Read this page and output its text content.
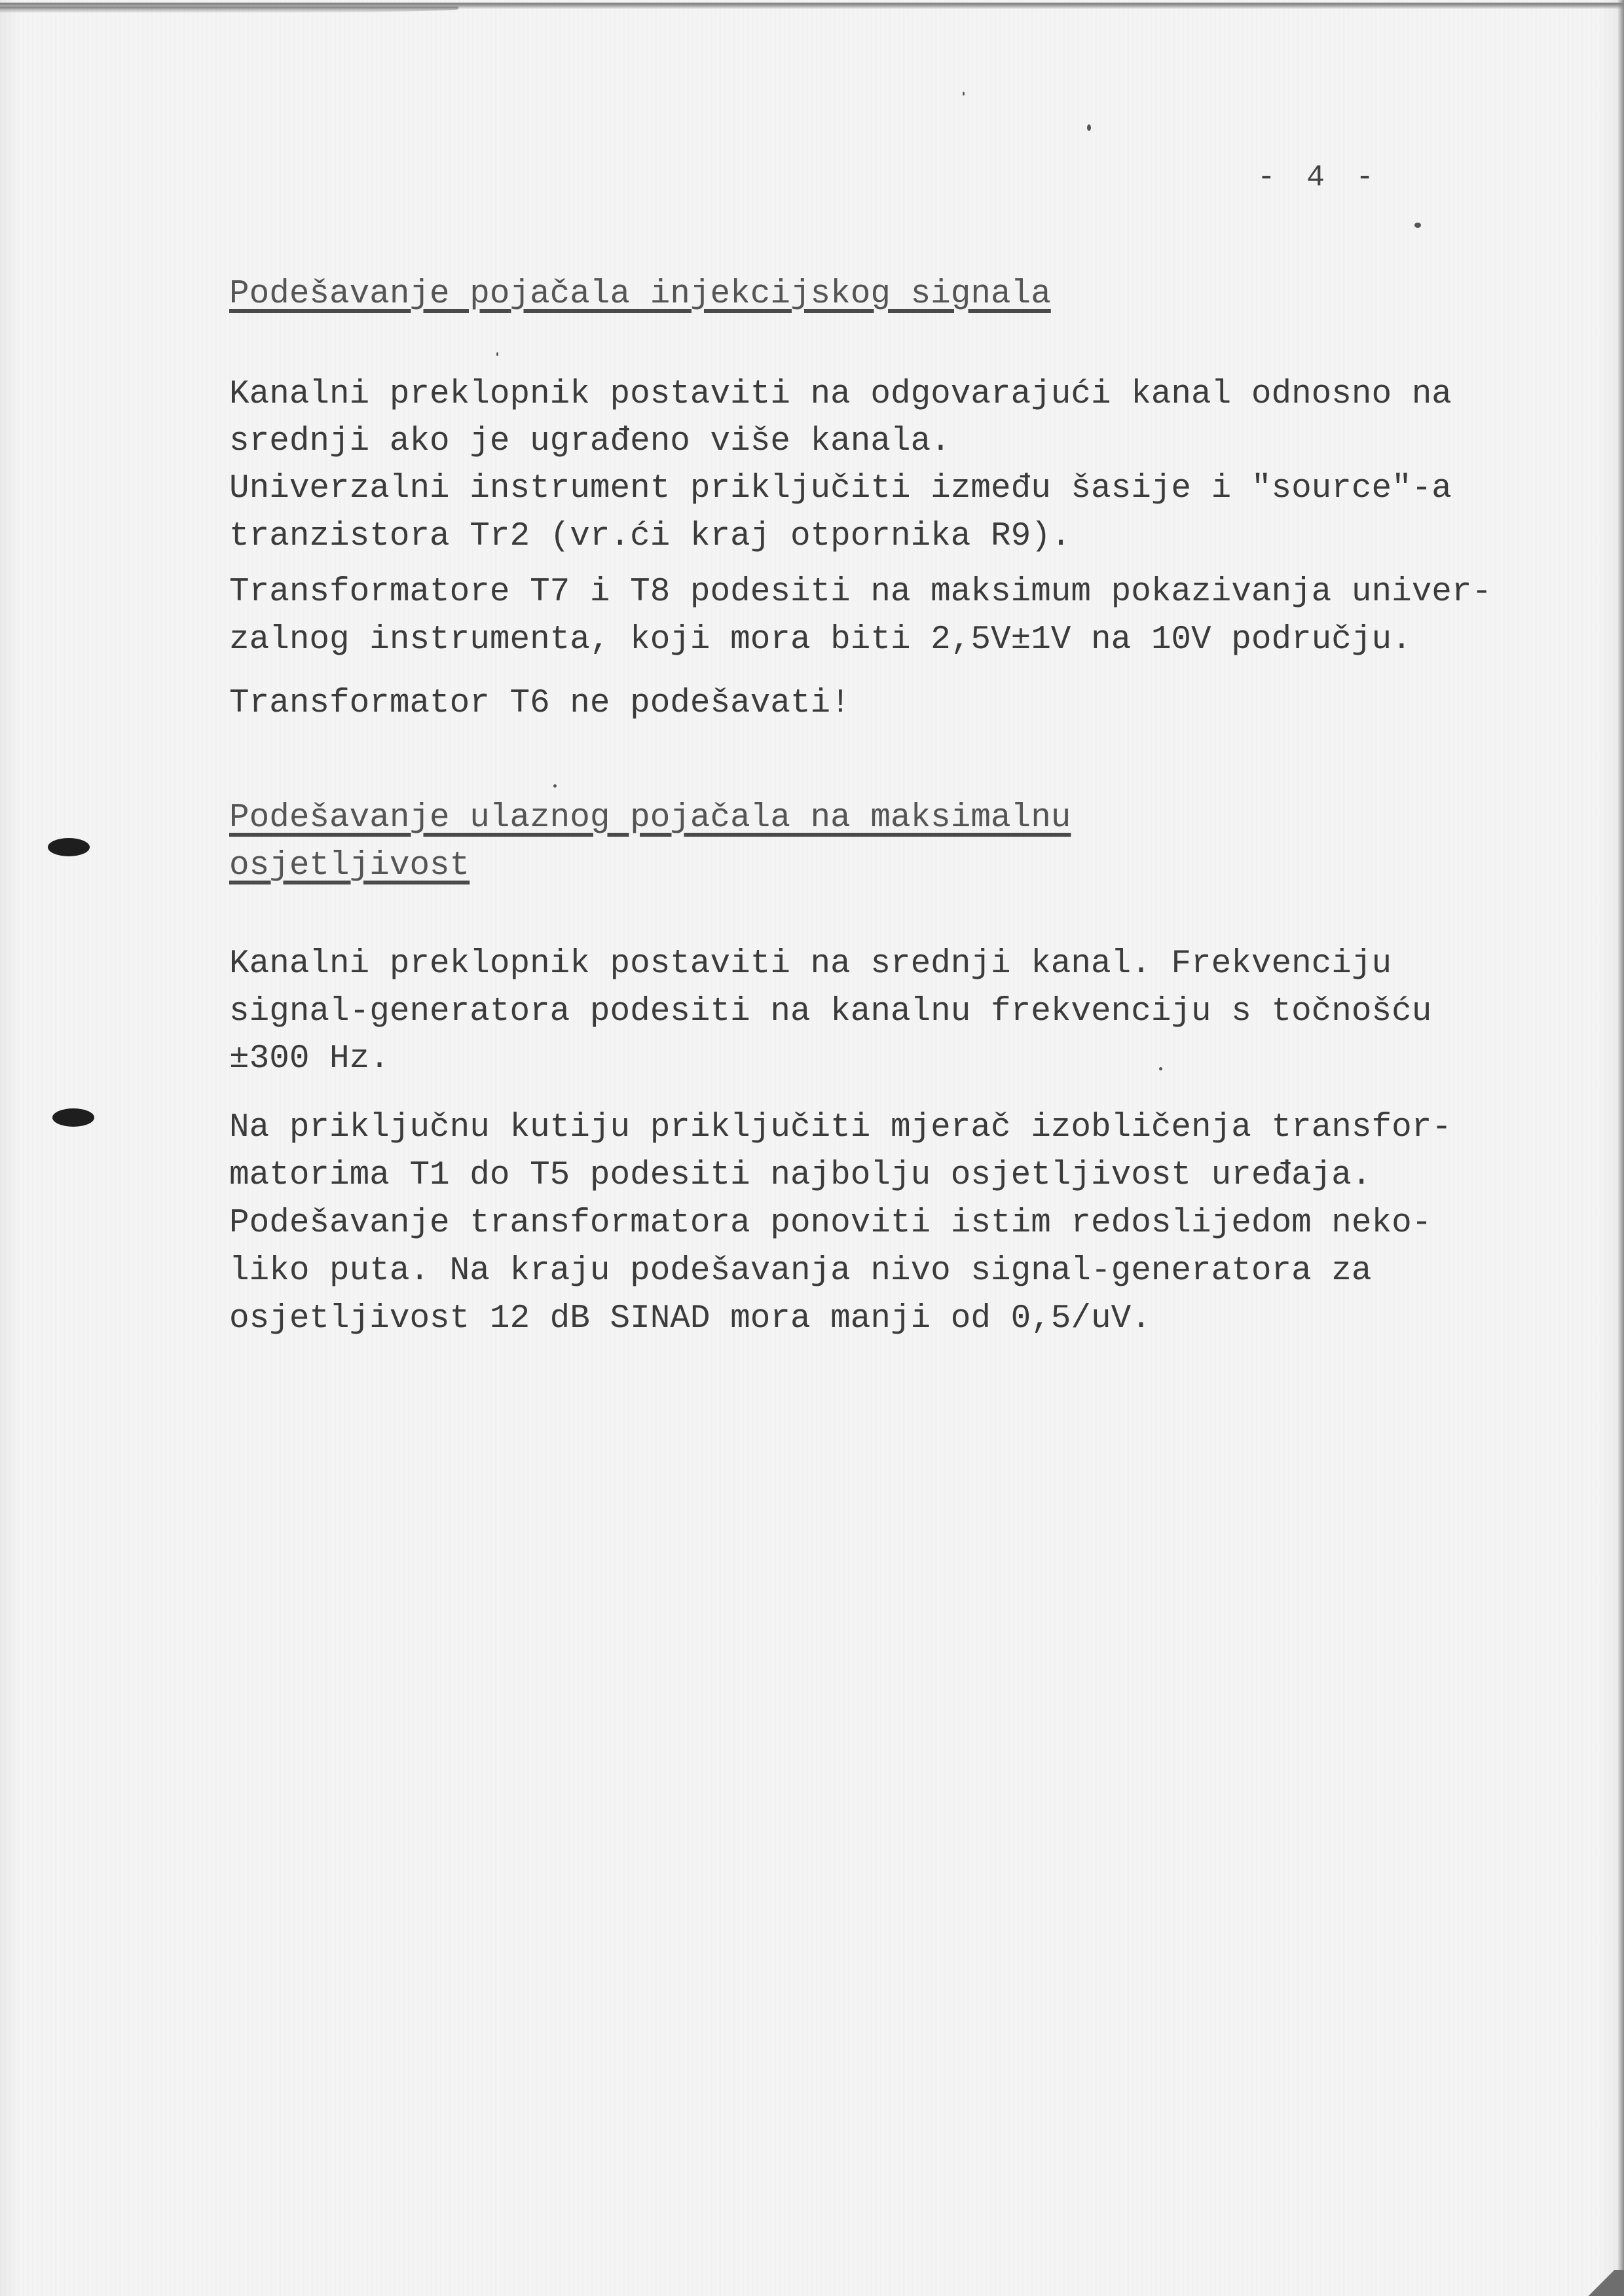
- 4 -
Podešavanje pojačala injekcijskog signala
Kanalni preklopnik postaviti na odgovarajući kanal odnosno na
srednji ako je ugrađeno više kanala.
Univerzalni instrument priključiti između šasije i "source"-a
tranzistora Tr2 (vr.ći kraj otpornika R9).
Transformatore T7 i T8 podesiti na maksimum pokazivanja univer-
zalnog instrumenta, koji mora biti 2,5V±1V na 10V području.
Transformator T6 ne podešavati!
Podešavanje ulaznog pojačala na maksimalnu
osjetljivost
Kanalni preklopnik postaviti na srednji kanal. Frekvenciju
signal-generatora podesiti na kanalnu frekvenciju s točnošću
±300 Hz.
Na priključnu kutiju priključiti mjerač izobličenja transfor-
matorima T1 do T5 podesiti najbolju osjetljivost uređaja.
Podešavanje transformatora ponoviti istim redoslijedom neko-
liko puta. Na kraju podešavanja nivo signal-generatora za
osjetljivost 12 dB SINAD mora manji od 0,5/uV.
